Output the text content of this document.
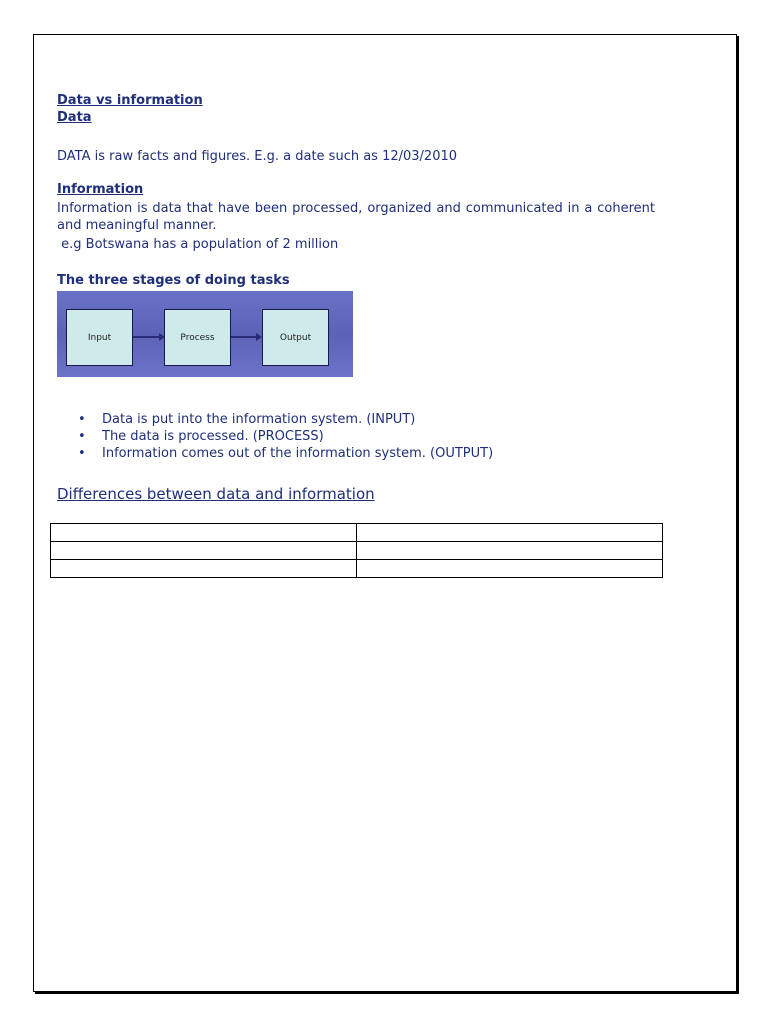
Data vs information
Data
DATA is raw facts and figures. E.g. a date such as 12/03/2010
Information
Information is data that have been processed, organized and communicated in a coherent and meaningful manner.
e.g Botswana has a population of 2 million
The three stages of doing tasks
Input	Process	Output
• Data is put into the information system. (INPUT)
• The data is processed. (PROCESS)
• Information comes out of the information system. (OUTPUT)
Differences between data and information
